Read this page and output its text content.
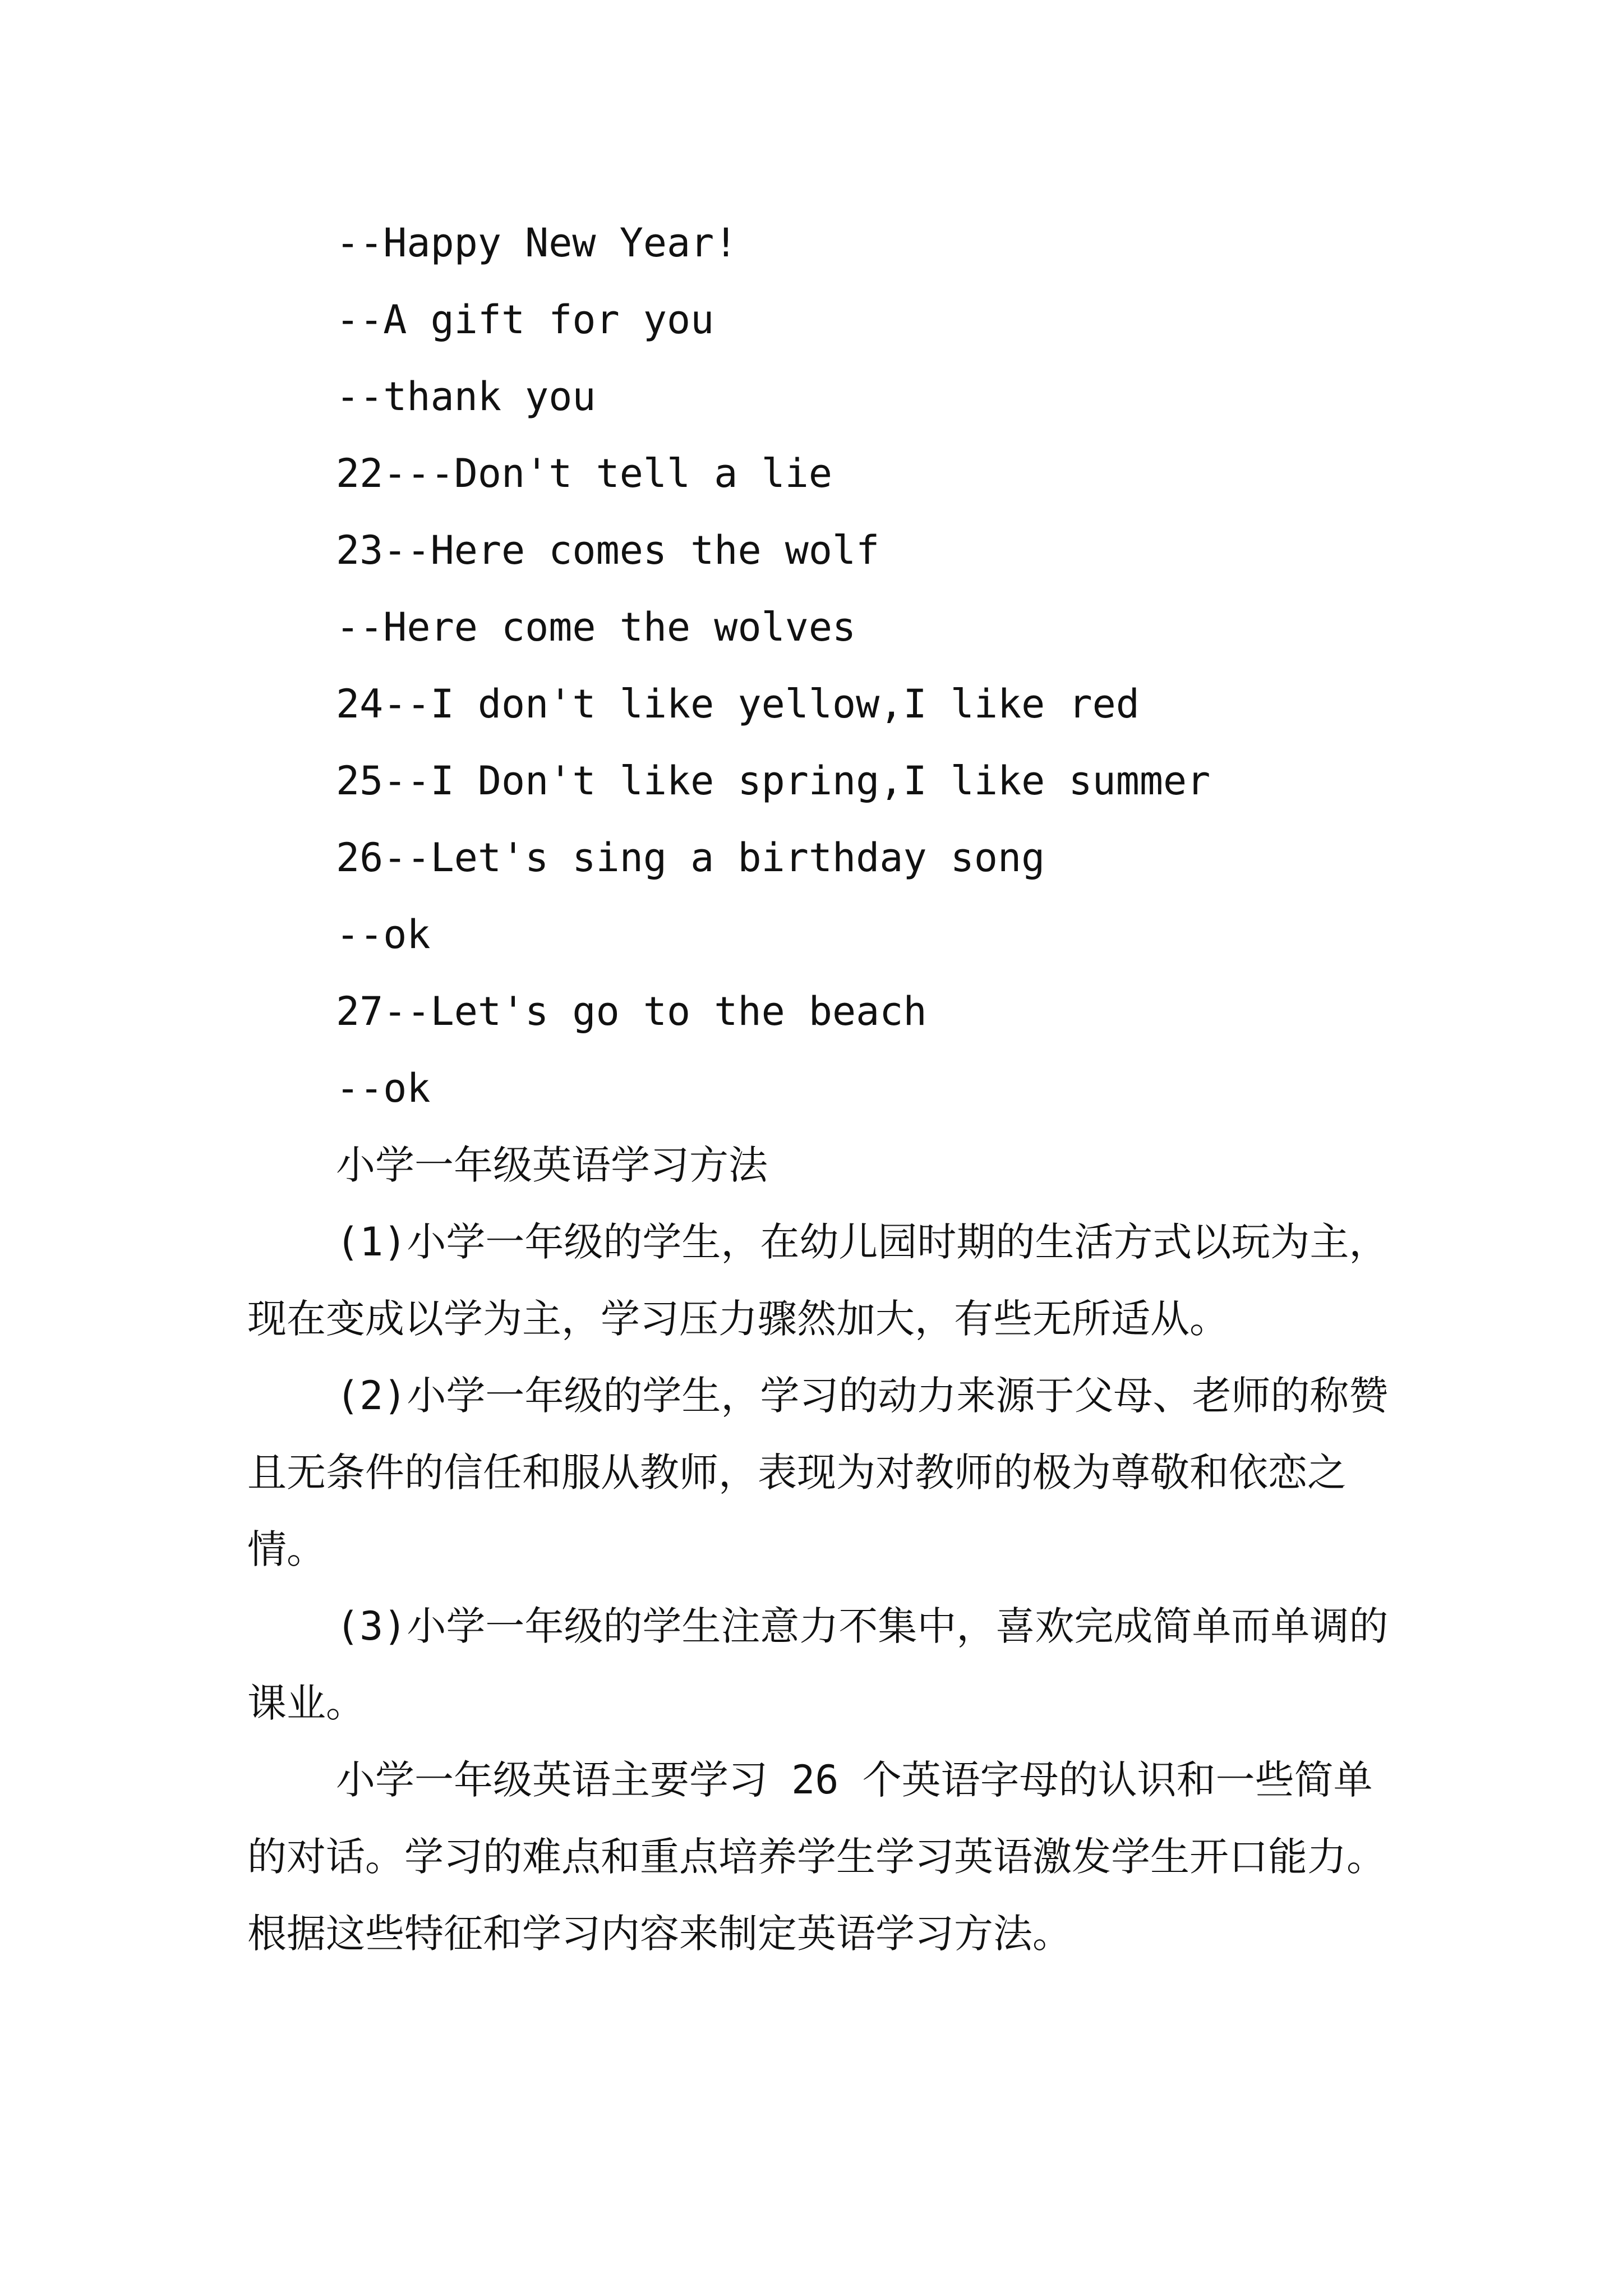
--Happy New Year!
--A gift for you
--thank you
22---Don't tell a lie
23--Here comes the wolf
--Here come the wolves
24--I don't like yellow,I like red
25--I Don't like spring,I like summer
26--Let's sing a birthday song
--ok
27--Let's go to the beach
--ok
小学一年级英语学习方法

(1)小学一年级的学生，在幼儿园时期的生活方式以玩为主，现在变成以学为主，学习压力骤然加大，有些无所适从。

(2)小学一年级的学生，学习的动力来源于父母、老师的称赞且无条件的信任和服从教师，表现为对教师的极为尊敬和依恋之情。

(3)小学一年级的学生注意力不集中，喜欢完成简单而单调的课业。

小学一年级英语主要学习 26 个英语字母的认识和一些简单的对话。学习的难点和重点培养学生学习英语激发学生开口能力。根据这些特征和学习内容来制定英语学习方法。
